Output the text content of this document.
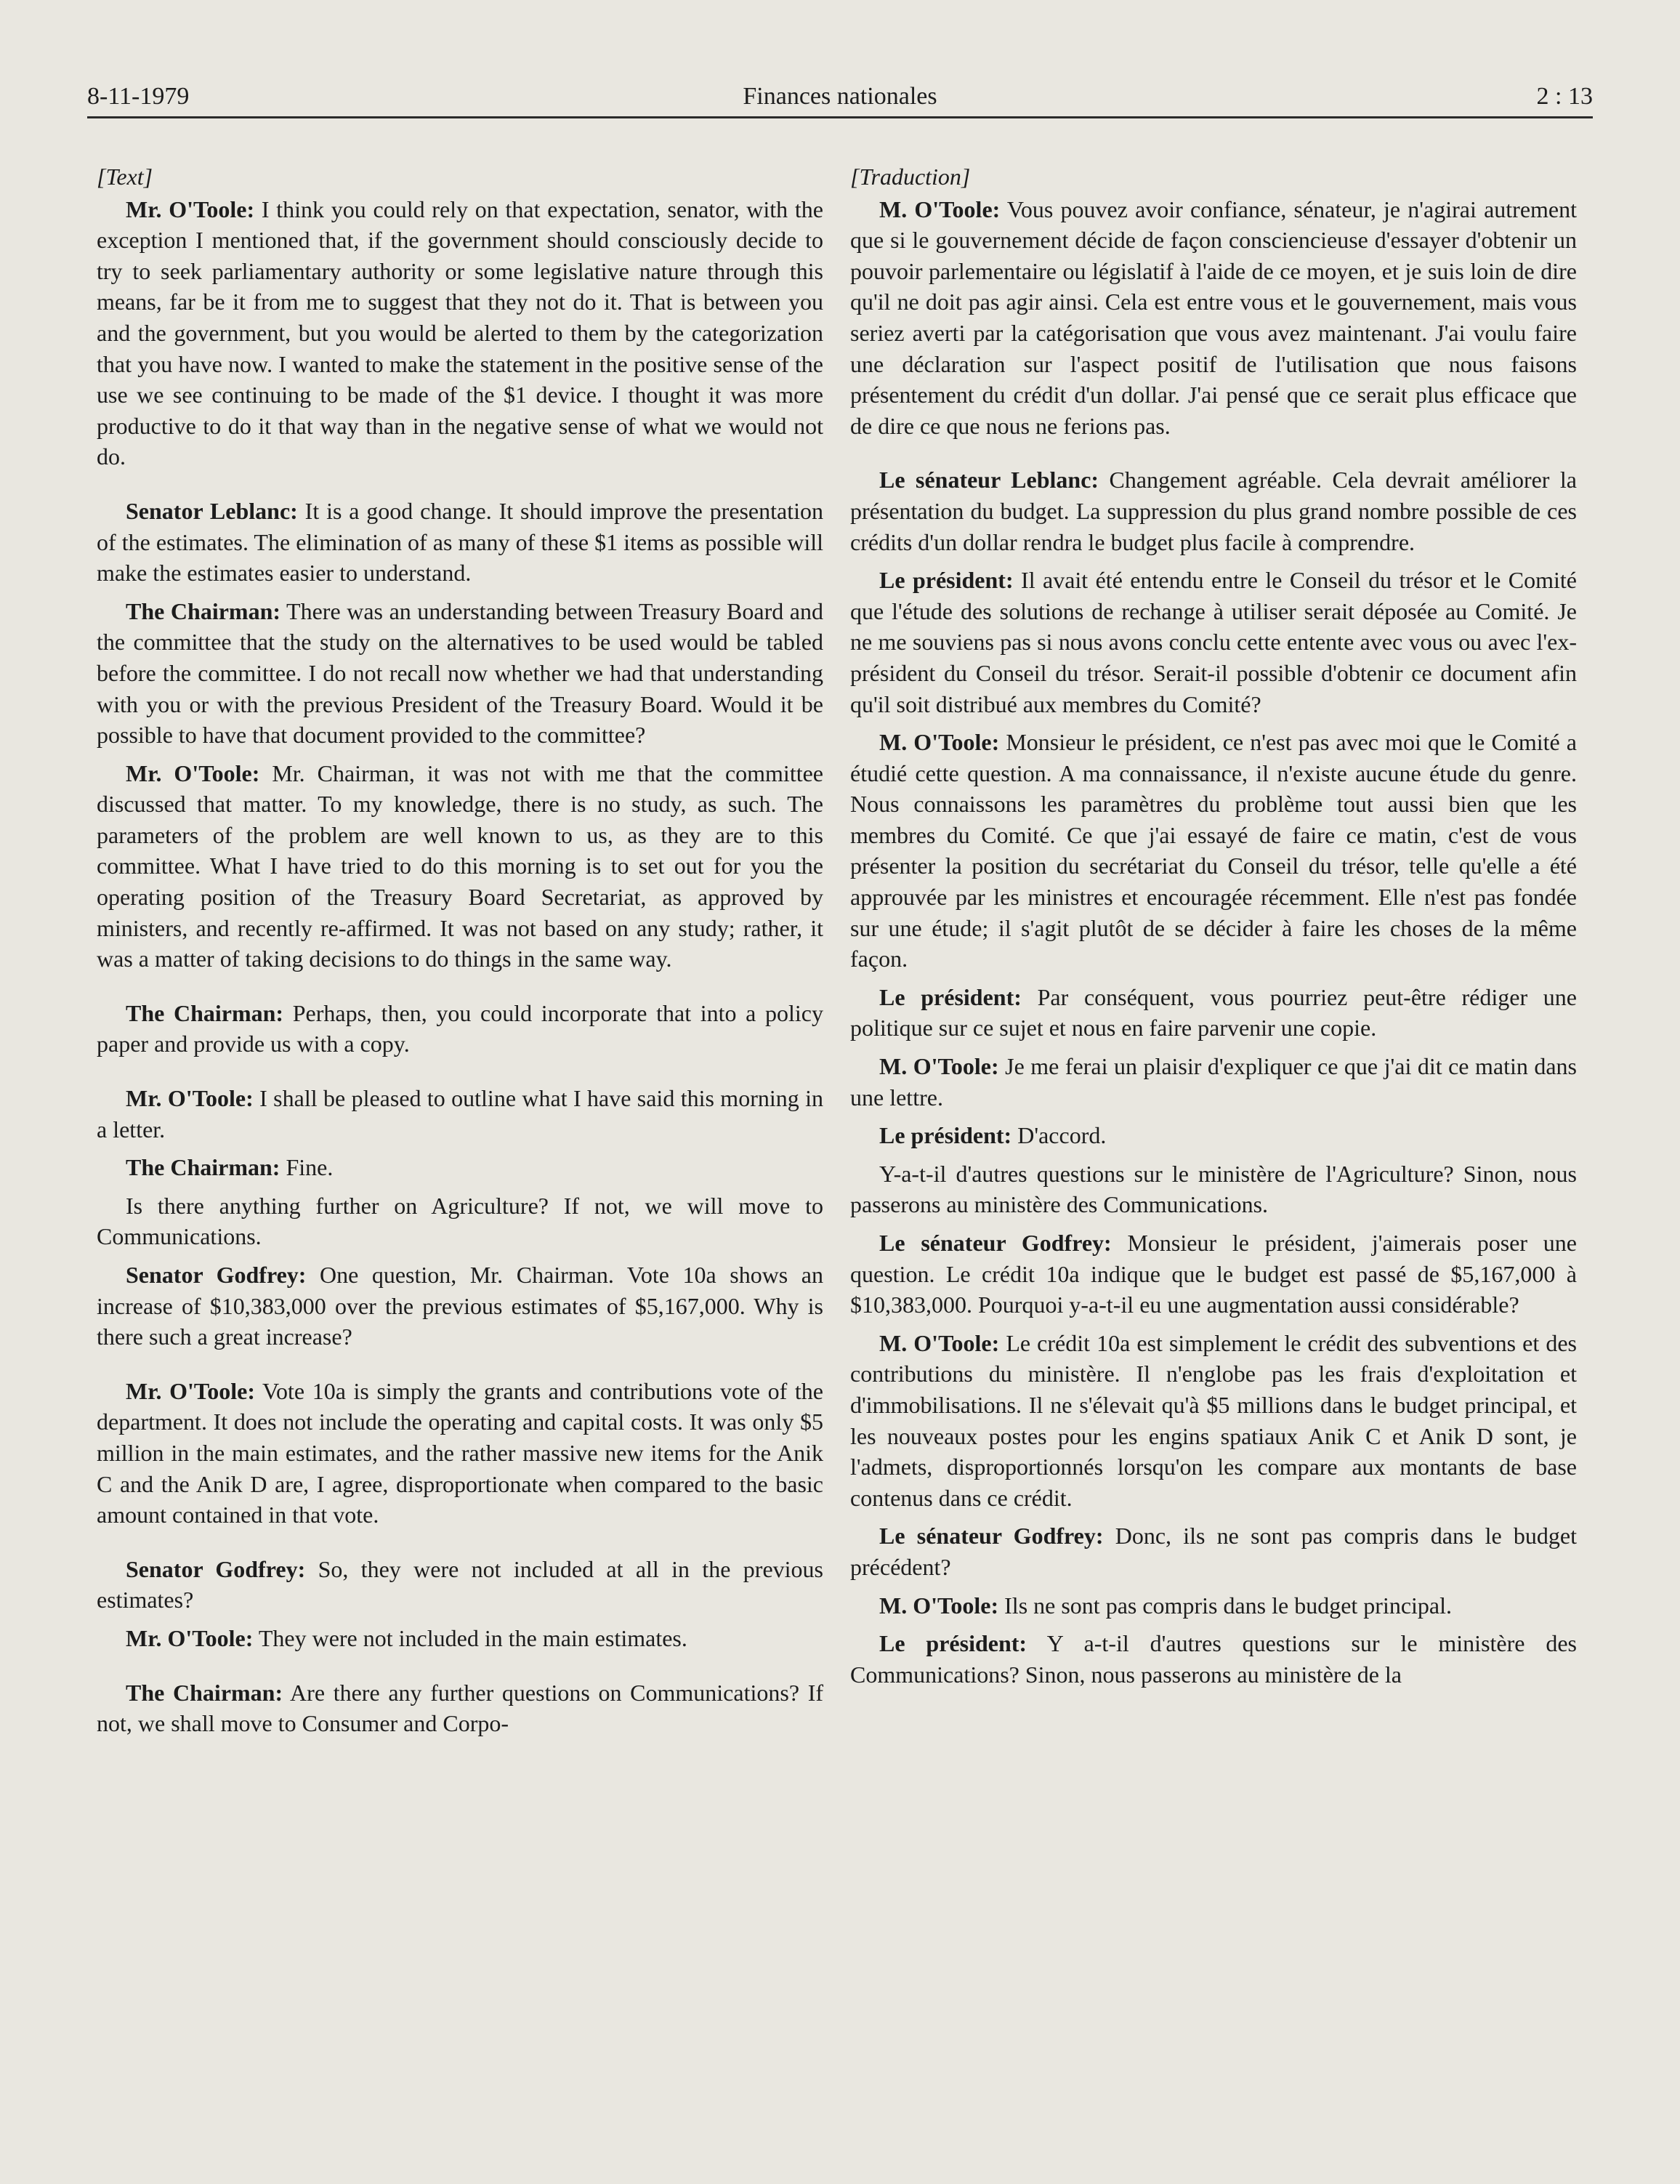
8-11-1979	Finances nationales	2 : 13

[Text]

Mr. O'Toole: I think you could rely on that expectation, senator, with the exception I mentioned that, if the government should consciously decide to try to seek parliamentary authority or some legislative nature through this means, far be it from me to suggest that they not do it. That is between you and the government, but you would be alerted to them by the categorization that you have now. I wanted to make the statement in the positive sense of the use we see continuing to be made of the $1 device. I thought it was more productive to do it that way than in the negative sense of what we would not do.

Senator Leblanc: It is a good change. It should improve the presentation of the estimates. The elimination of as many of these $1 items as possible will make the estimates easier to understand.

The Chairman: There was an understanding between Treasury Board and the committee that the study on the alternatives to be used would be tabled before the committee. I do not recall now whether we had that understanding with you or with the previous President of the Treasury Board. Would it be possible to have that document provided to the committee?

Mr. O'Toole: Mr. Chairman, it was not with me that the committee discussed that matter. To my knowledge, there is no study, as such. The parameters of the problem are well known to us, as they are to this committee. What I have tried to do this morning is to set out for you the operating position of the Treasury Board Secretariat, as approved by ministers, and recently re-affirmed. It was not based on any study; rather, it was a matter of taking decisions to do things in the same way.

The Chairman: Perhaps, then, you could incorporate that into a policy paper and provide us with a copy.

Mr. O'Toole: I shall be pleased to outline what I have said this morning in a letter.

The Chairman: Fine.

Is there anything further on Agriculture? If not, we will move to Communications.

Senator Godfrey: One question, Mr. Chairman. Vote 10a shows an increase of $10,383,000 over the previous estimates of $5,167,000. Why is there such a great increase?

Mr. O'Toole: Vote 10a is simply the grants and contributions vote of the department. It does not include the operating and capital costs. It was only $5 million in the main estimates, and the rather massive new items for the Anik C and the Anik D are, I agree, disproportionate when compared to the basic amount contained in that vote.

Senator Godfrey: So, they were not included at all in the previous estimates?

Mr. O'Toole: They were not included in the main estimates.

The Chairman: Are there any further questions on Communications? If not, we shall move to Consumer and Corpo-

[Traduction]

M. O'Toole: Vous pouvez avoir confiance, sénateur, je n'agirai autrement que si le gouvernement décide de façon consciencieuse d'essayer d'obtenir un pouvoir parlementaire ou législatif à l'aide de ce moyen, et je suis loin de dire qu'il ne doit pas agir ainsi. Cela est entre vous et le gouvernement, mais vous seriez averti par la catégorisation que vous avez maintenant. J'ai voulu faire une déclaration sur l'aspect positif de l'utilisation que nous faisons présentement du crédit d'un dollar. J'ai pensé que ce serait plus efficace que de dire ce que nous ne ferions pas.

Le sénateur Leblanc: Changement agréable. Cela devrait améliorer la présentation du budget. La suppression du plus grand nombre possible de ces crédits d'un dollar rendra le budget plus facile à comprendre.

Le président: Il avait été entendu entre le Conseil du trésor et le Comité que l'étude des solutions de rechange à utiliser serait déposée au Comité. Je ne me souviens pas si nous avons conclu cette entente avec vous ou avec l'ex-président du Conseil du trésor. Serait-il possible d'obtenir ce document afin qu'il soit distribué aux membres du Comité?

M. O'Toole: Monsieur le président, ce n'est pas avec moi que le Comité a étudié cette question. A ma connaissance, il n'existe aucune étude du genre. Nous connaissons les paramètres du problème tout aussi bien que les membres du Comité. Ce que j'ai essayé de faire ce matin, c'est de vous présenter la position du secrétariat du Conseil du trésor, telle qu'elle a été approuvée par les ministres et encouragée récemment. Elle n'est pas fondée sur une étude; il s'agit plutôt de se décider à faire les choses de la même façon.

Le président: Par conséquent, vous pourriez peut-être rédiger une politique sur ce sujet et nous en faire parvenir une copie.

M. O'Toole: Je me ferai un plaisir d'expliquer ce que j'ai dit ce matin dans une lettre.

Le président: D'accord.

Y-a-t-il d'autres questions sur le ministère de l'Agriculture? Sinon, nous passerons au ministère des Communications.

Le sénateur Godfrey: Monsieur le président, j'aimerais poser une question. Le crédit 10a indique que le budget est passé de $5,167,000 à $10,383,000. Pourquoi y-a-t-il eu une augmentation aussi considérable?

M. O'Toole: Le crédit 10a est simplement le crédit des subventions et des contributions du ministère. Il n'englobe pas les frais d'exploitation et d'immobilisations. Il ne s'élevait qu'à $5 millions dans le budget principal, et les nouveaux postes pour les engins spatiaux Anik C et Anik D sont, je l'admets, disproportionnés lorsqu'on les compare aux montants de base contenus dans ce crédit.

Le sénateur Godfrey: Donc, ils ne sont pas compris dans le budget précédent?

M. O'Toole: Ils ne sont pas compris dans le budget principal.

Le président: Y a-t-il d'autres questions sur le ministère des Communications? Sinon, nous passerons au ministère de la
